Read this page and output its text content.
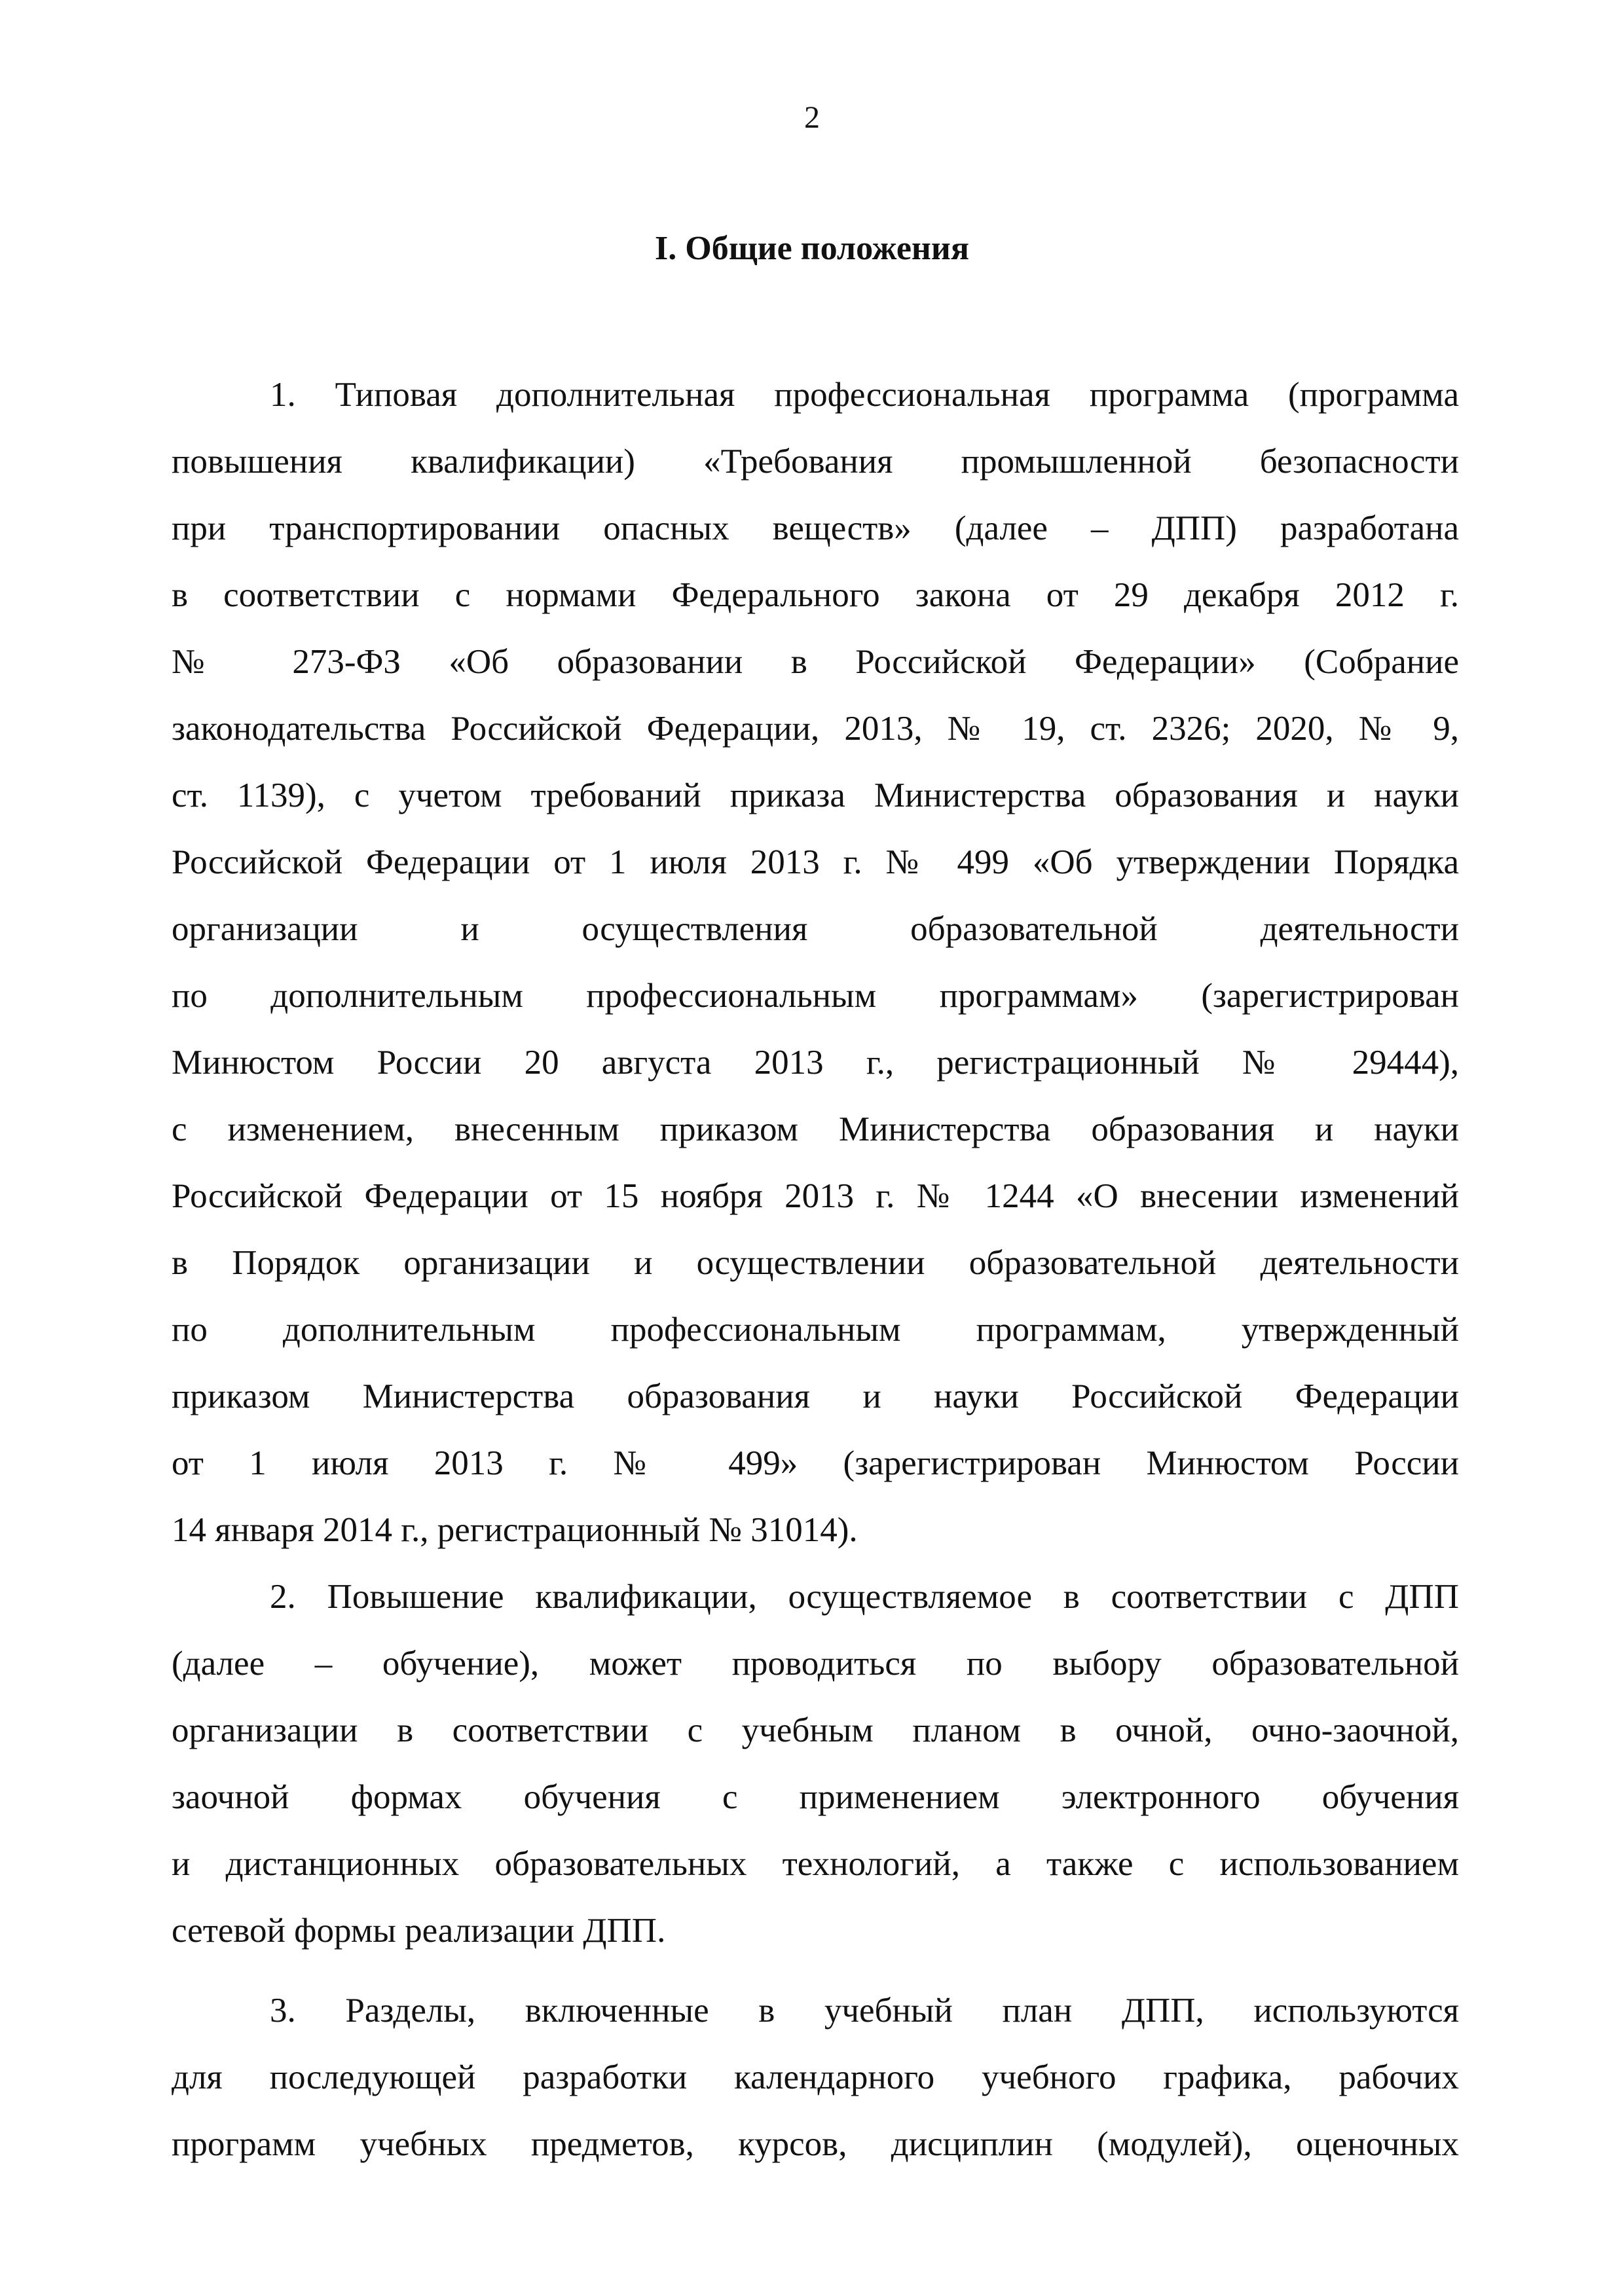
2
I. Общие положения
1. Типовая дополнительная профессиональная программа (программа
повышения квалификации) «Требования промышленной безопасности
при транспортировании опасных веществ» (далее – ДПП) разработана
в соответствии с нормами Федерального закона от 29 декабря 2012 г.
№ 273-ФЗ «Об образовании в Российской Федерации» (Собрание
законодательства Российской Федерации, 2013, № 19, ст. 2326; 2020, № 9,
ст. 1139), с учетом требований приказа Министерства образования и науки
Российской Федерации от 1 июля 2013 г. № 499 «Об утверждении Порядка
организации и осуществления образовательной деятельности
по дополнительным профессиональным программам» (зарегистрирован
Минюстом России 20 августа 2013 г., регистрационный № 29444),
с изменением, внесенным приказом Министерства образования и науки
Российской Федерации от 15 ноября 2013 г. № 1244 «О внесении изменений
в Порядок организации и осуществлении образовательной деятельности
по дополнительным профессиональным программам, утвержденный
приказом Министерства образования и науки Российской Федерации
от 1 июля 2013 г. № 499» (зарегистрирован Минюстом России
14 января 2014 г., регистрационный № 31014).
2. Повышение квалификации, осуществляемое в соответствии с ДПП
(далее – обучение), может проводиться по выбору образовательной
организации в соответствии с учебным планом в очной, очно-заочной,
заочной формах обучения с применением электронного обучения
и дистанционных образовательных технологий, а также с использованием
сетевой формы реализации ДПП.
3. Разделы, включенные в учебный план ДПП, используются
для последующей разработки календарного учебного графика, рабочих
программ учебных предметов, курсов, дисциплин (модулей), оценочных
